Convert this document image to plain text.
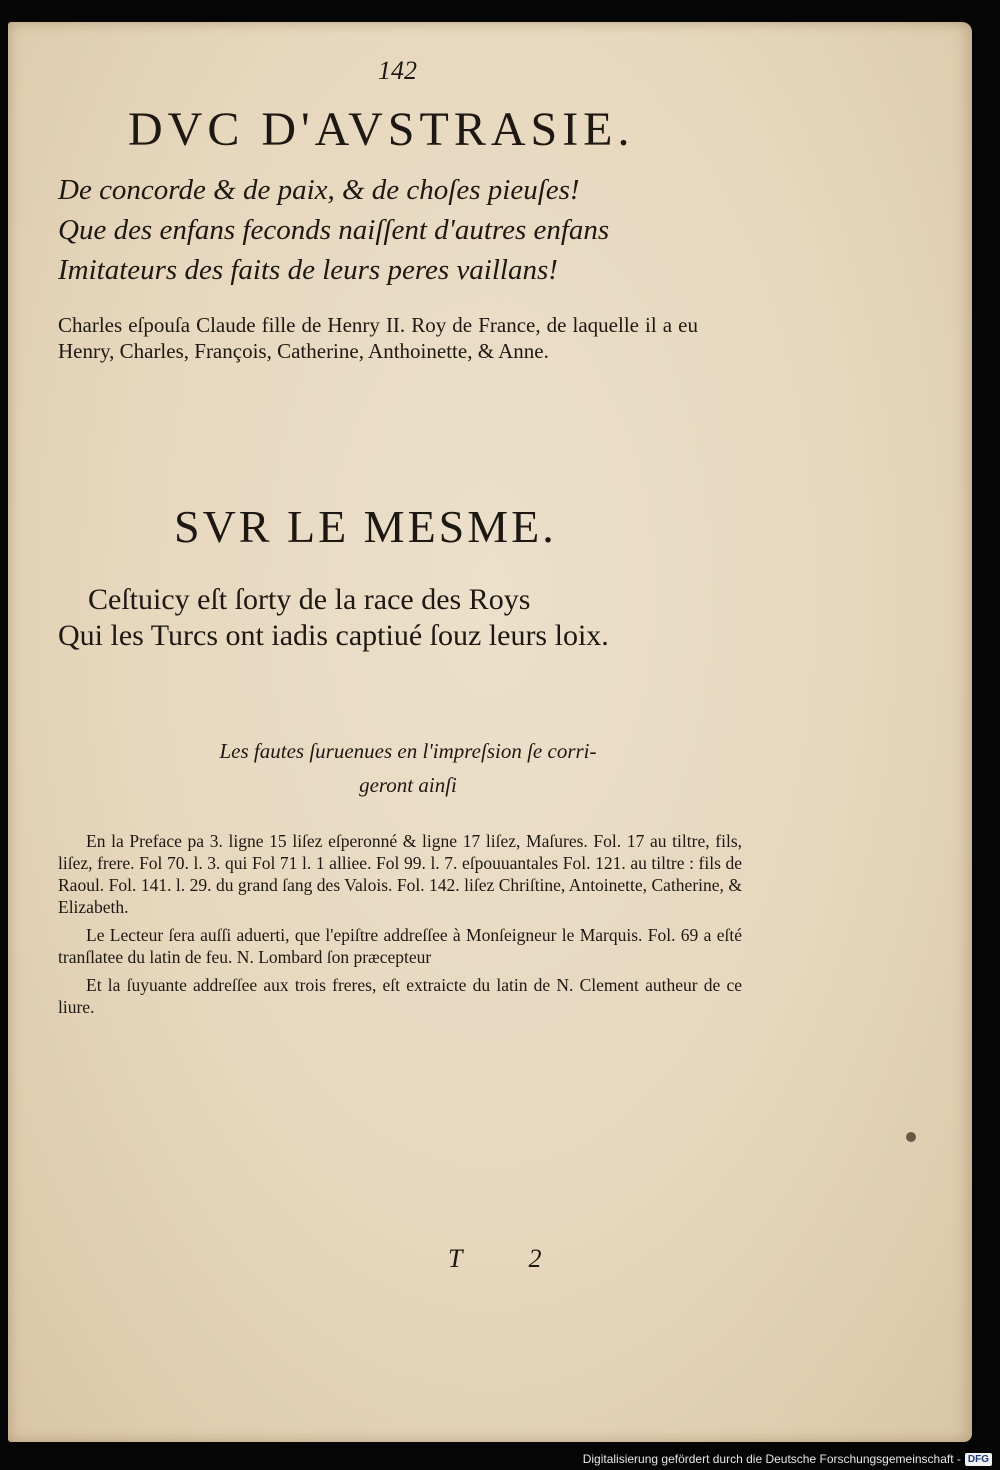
142
DVC D'AVSTRASIE.
De concorde & de paix, & de choſes pieuſes!
Que des enfans feconds naiſſent d'autres enfans
Imitateurs des faits de leurs peres vaillans!
Charles eſpouſa Claude fille de Henry II. Roy de France, de laquelle il a eu Henry, Charles, François, Catherine, Anthoinette, & Anne.
SVR LE MESME.
Ceſtuicy eſt ſorty de la race des Roys
Qui les Turcs ont iadis captiué ſouz leurs loix.
Les fautes ſuruenues en l'impreſsion ſe corri-
geront ainſi

En la Preface pa 3. ligne 15 liſez eſperonné & ligne 17 liſez, Maſures. Fol. 17 au tiltre, fils, liſez, frere. Fol 70. l. 3. qui Fol 71 l. 1 alliee. Fol 99. l. 7. eſpouuantales Fol. 121. au tiltre : fils de Raoul. Fol. 141. l. 29. du grand ſang des Valois. Fol. 142. liſez Chriſtine, Antoinette, Catherine, & Elizabeth.

Le Lecteur ſera auſſi aduerti, que l'epiſtre addreſſee à Monſeigneur le Marquis. Fol. 69 a eſté tranſlatee du latin de feu. N. Lombard ſon præcepteur

Et la ſuyuante addreſſee aux trois freres, eſt extraicte du latin de N. Clement autheur de ce liure.

T 2
Digitalisierung gefördert durch die Deutsche Forschungsgemeinschaft - DFG
